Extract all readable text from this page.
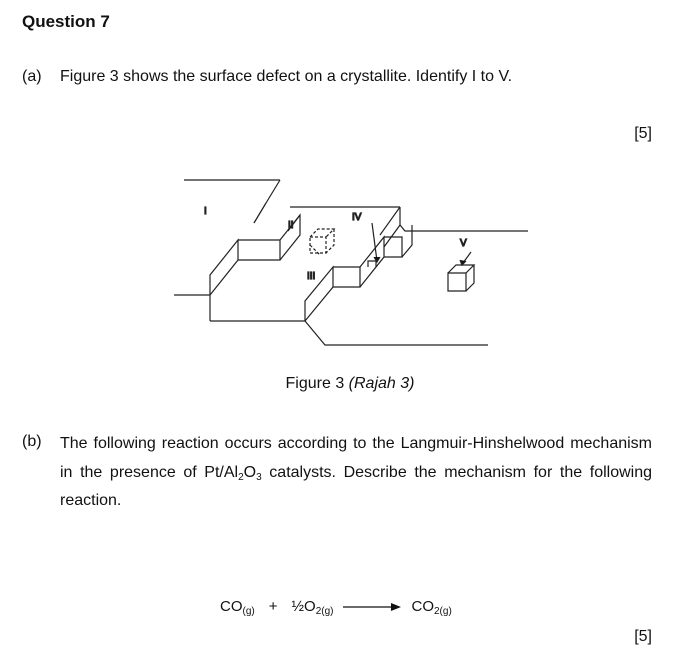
Question 7
(a) Figure 3 shows the surface defect on a crystallite. Identify I to V.
[5]
I
II
IV
III
V
Figure 3 (Rajah 3)
(b) The following reaction occurs according to the Langmuir-Hinshelwood mechanism
in the presence of $Pt/Al_2O_3$ catalysts. Describe the mechanism for the following
reaction.
$CO_{(g)}$ + $\frac{1}{2}O_{2(g)} \to CO_{2(g)}$
[5]
